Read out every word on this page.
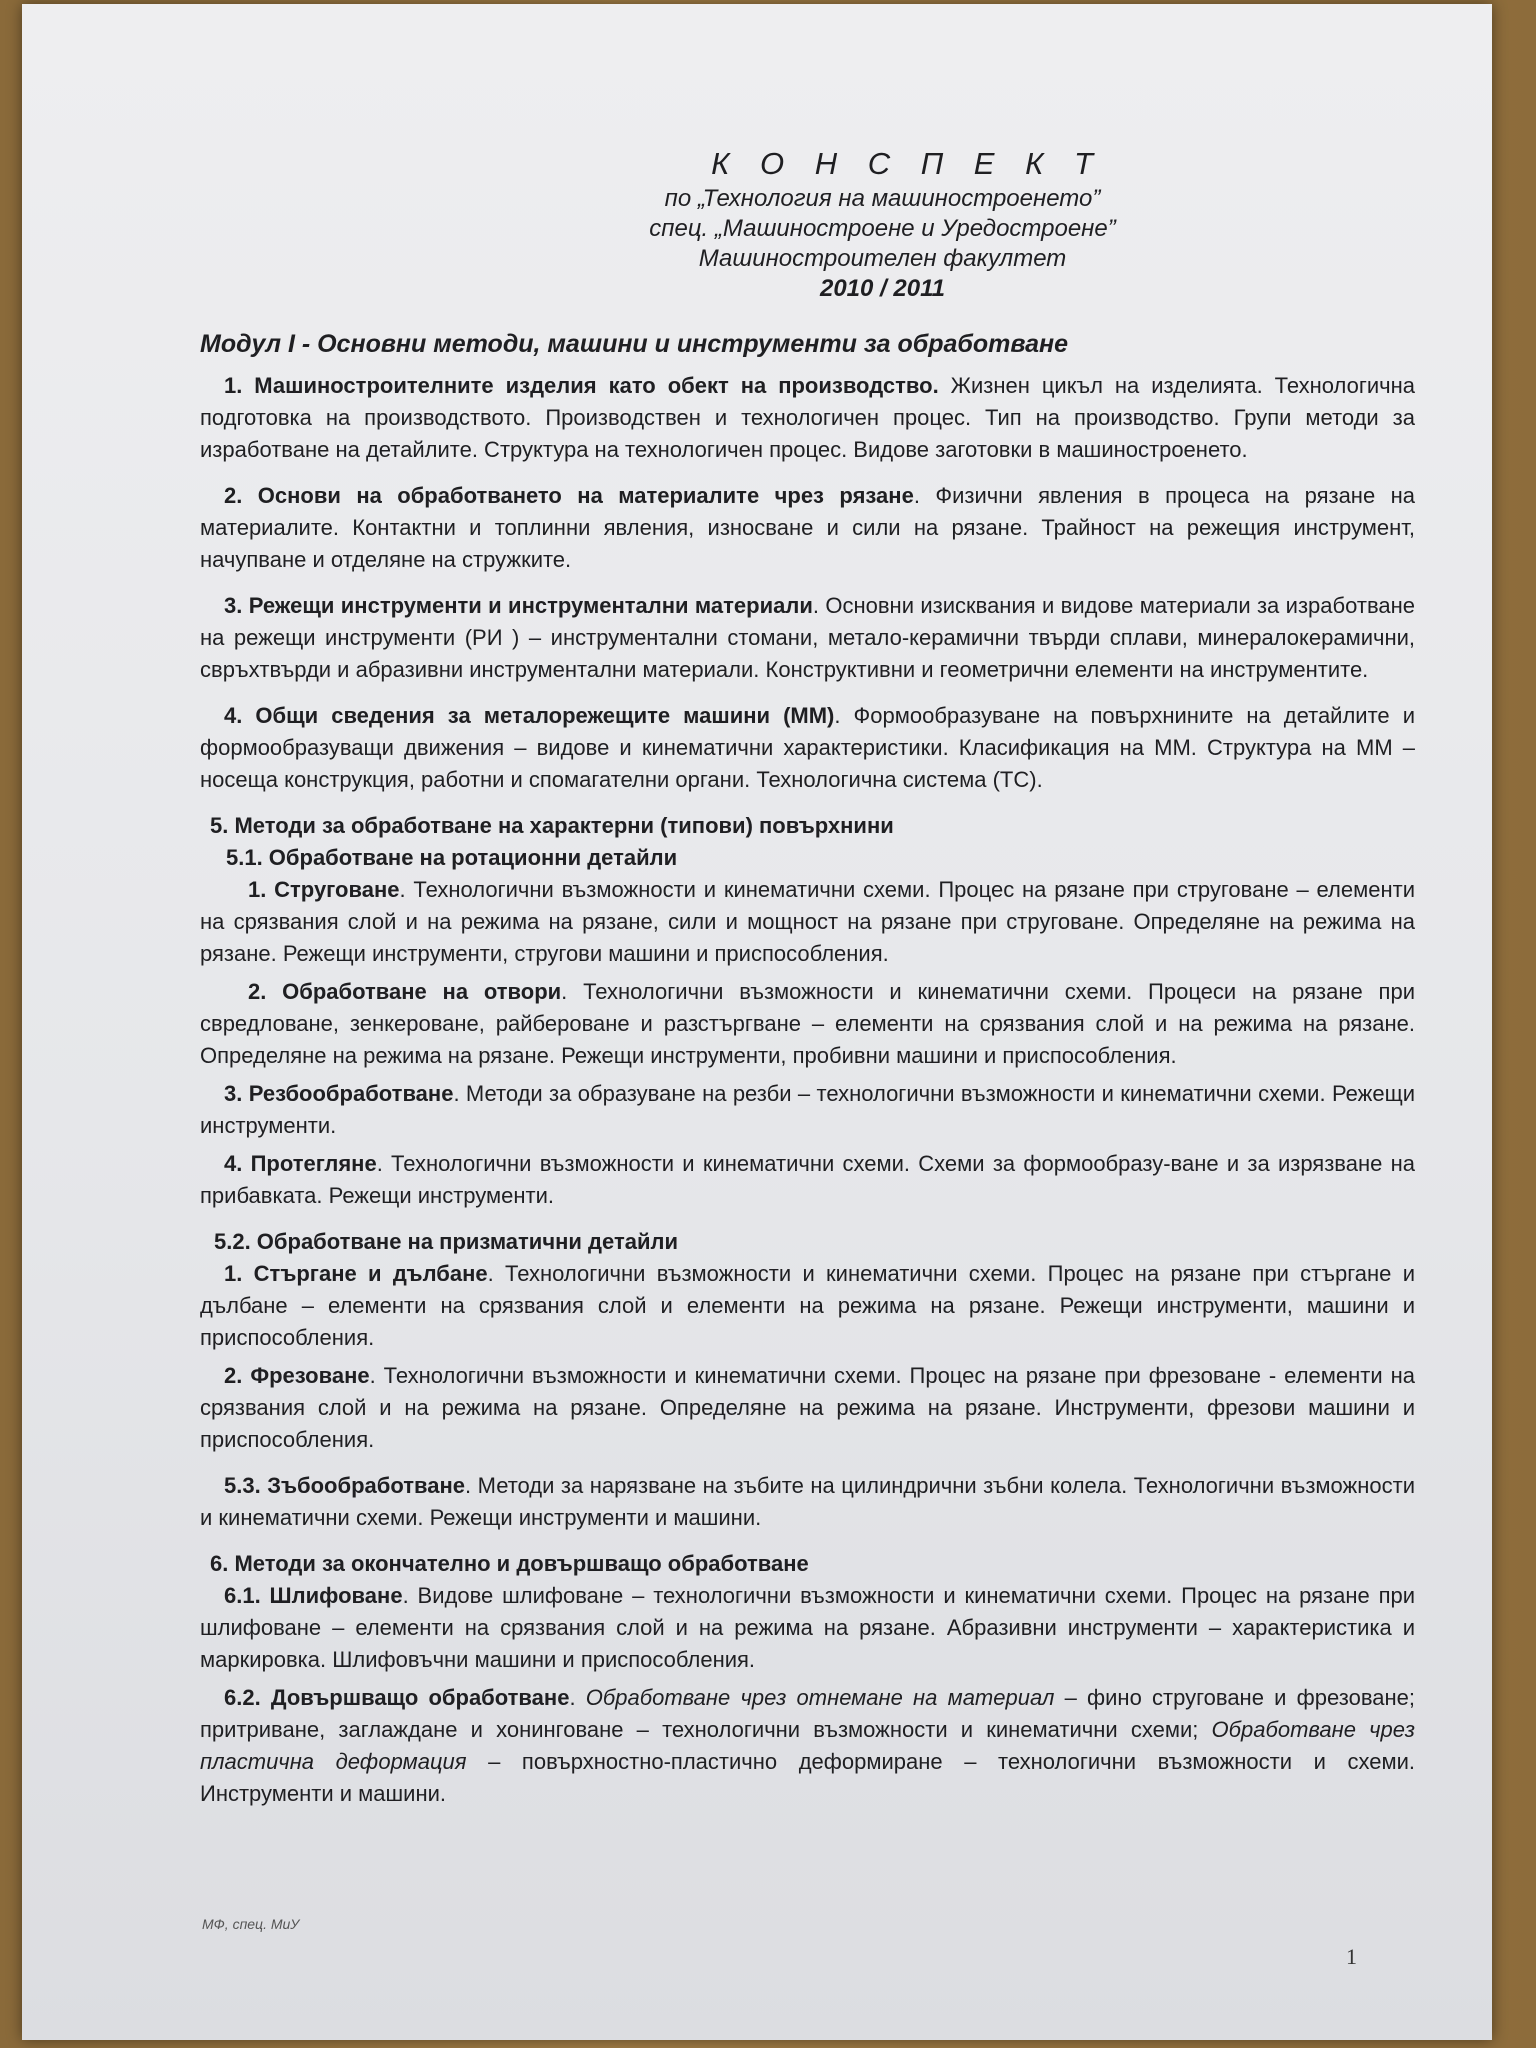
К О Н С П Е К Т
по „Технология на машиностроенето”
спец. „Машиностроене и Уредостроене”
Машиностроителен факултет
2010 / 2011
Модул I - Основни методи, машини и инструменти за обработване

1. Машиностроителните изделия като обект на производство. Жизнен цикъл на изделията. Технологична подготовка на производството. Производствен и технологичен процес. Тип на производство. Групи методи за изработване на детайлите. Структура на технологичен процес. Видове заготовки в машиностроенето.

2. Основи на обработването на материалите чрез рязане. Физични явления в процеса на рязане на материалите. Контактни и топлинни явления, износване и сили на рязане. Трайност на режещия инструмент, начупване и отделяне на стружките.

3. Режещи инструменти и инструментални материали. Основни изисквания и видове материали за изработване на режещи инструменти (РИ ) – инструментални стомани, метало-керамични твърди сплави, минералокерамични, свръхтвърди и абразивни инструментални материали. Конструктивни и геометрични елементи на инструментите.

4. Общи сведения за металорежещите машини (ММ). Формообразуване на повърхнините на детайлите и формообразуващи движения – видове и кинематични характеристики. Класификация на ММ. Структура на ММ – носеща конструкция, работни и спомагателни органи. Технологична система (ТС).

5. Методи за обработване на характерни (типови) повърхнини
5.1. Обработване на ротационни детайли

1. Струговане. Технологични възможности и кинематични схеми. Процес на рязане при струговане – елементи на срязвания слой и на режима на рязане, сили и мощност на рязане при струговане. Определяне на режима на рязане. Режещи инструменти, стругови машини и приспособления.

2. Обработване на отвори. Технологични възможности и кинематични схеми. Процеси на рязане при свредловане, зенкероване, райбероване и разстъргване – елементи на срязвания слой и на режима на рязане. Определяне на режима на рязане. Режещи инструменти, пробивни машини и приспособления.

3. Резбообработване. Методи за образуване на резби – технологични възможности и кинематични схеми. Режещи инструменти.

4. Протегляне. Технологични възможности и кинематични схеми. Схеми за формообразу-ване и за изрязване на прибавката. Режещи инструменти.

5.2. Обработване на призматични детайли

1. Стъргане и дълбане. Технологични възможности и кинематични схеми. Процес на рязане при стъргане и дълбане – елементи на срязвания слой и елементи на режима на рязане. Режещи инструменти, машини и приспособления.

2. Фрезоване. Технологични възможности и кинематични схеми. Процес на рязане при фрезоване - елементи на срязвания слой и на режима на рязане. Определяне на режима на рязане. Инструменти, фрезови машини и приспособления.

5.3. Зъбообработване. Методи за нарязване на зъбите на цилиндрични зъбни колела. Технологични възможности и кинематични схеми. Режещи инструменти и машини.

6. Методи за окончателно и довършващо обработване

6.1. Шлифоване. Видове шлифоване – технологични възможности и кинематични схеми. Процес на рязане при шлифоване – елементи на срязвания слой и на режима на рязане. Абразивни инструменти – характеристика и маркировка. Шлифовъчни машини и приспособления.

6.2. Довършващо обработване. Обработване чрез отнемане на материал – фино струговане и фрезоване; притриване, заглаждане и хонинговане – технологични възможности и кинематични схеми; Обработване чрез пластична деформация – повърхностно-пластично деформиране – технологични възможности и схеми. Инструменти и машини.

МФ, спец. МиУ
1
